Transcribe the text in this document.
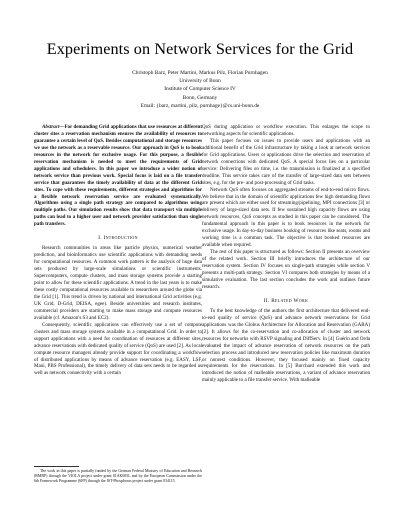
Experiments on Network Services for the Grid
Christoph Barz, Peter Martini, Markus Pilz, Florian Purnhagen
University of Bonn
Institute of Computer Science IV
Bonn, Germany
Email: {barz, martini, pilz, purnhage}@cs.uni-bonn.de

Abstract—For demanding Grid applications that use resources at different cluster sites a reservation mechanism ensures the availability of resources to guarantee a certain level of QoS. Besides computational and storage resources we use the network as a reservable resource. Our approach in QoS is to book resources in the network for exclusive usage. For this purpose, a flexible reservation mechanism is needed to meet the requirements of Grid applications and schedulers. In this paper we introduce a wider notion of network service than previous work. Special focus is laid on a file transfer service that guarantees the timely availability of data at the different Grid sites. To cope with these requirements, different strategies and algorithms for a flexible network reservation service are evaluated systematically. Algorithms using a single path strategy are compared to algorithms using multiple paths. Our simulation results show that data transport via multiple paths can lead to a higher user and network provider satisfaction than single path transfers.

I. Introduction

Research communities in areas like particle physics, numerical weather prediction, and bioinformatics use scientific applications with demanding needs for computational resources. A common work pattern is the analysis of huge data sets produced by large-scale simulations or scientific instruments. Supercomputers, compute clusters, and mass storage systems provide a starting point to allow for these scientific applications. A trend in the last years is to make these costly computational resources available to researchers around the globe via the Grid [1]. This trend is driven by national and international Grid activities (e.g. UK Grid, D-Grid, DEISA, egee). Beside universities and research institutes, commercial providers are starting to make mass storage and compute resources available (cf. Amazon's S3 and EC2).

Consequently, scientific applications can effectively use a set of compute clusters and mass storage systems available in a computational Grid. In order to support applications with a need for coordination of resources at different sites, advance reservations with dedicated quality of service (QoS) are used [2]. As local compute resource managers already provide support for coordinating a workflow of distributed applications by means of advance reservation (e.g. EASY, LSF, Maui, PBS Professional), the timely delivery of data sets needs to be regarded as well as network connectivity with a certain

QoS during application or workflow execution. This enlarges the scope to networking aspects for scientific applications.

This paper focuses on issues to provide users and applications with an additional benefit of the Grid infrastructure by taking a look at network services for Grid applications. Users or applications drive the selection and reservation of network connections with dedicated QoS. A special focus lies on a particular service: Delivering files on time, i.e. the transmission is finalized at a specified deadline. This service takes care of the transfer of large-sized data sets between sites, e.g. for the pre- and post-processing of Grid tasks.

Network QoS often focuses on aggregated streams of end-to-end micro flows. We believe that in the domain of scientific applications few high demanding flows are present which are either used for streaming/pipelining, MPI connections [3] or delivery of large-sized data sets. If few sustained high capacity flows are using network resources, QoS concepts as studied in this paper can be considered. The fundamental approach in this paper is to book resources in the network for exclusive usage. In day-to-day business booking of resources like seats, rooms and working time is a common task. The objective is that booked resources are available when required.

The rest of this paper is structured as follows: Section II presents an overview of the related work. Section III briefly introduces the architecture of our reservation system. Section IV focuses on single-path strategies while section V presents a multi-path strategy. Section VI compares both strategies by means of a simulative evaluation. The last section concludes the work and outlines future research.

II. Related Work

To the best knowledge of the authors the first architecture that delivered end-to-end quality of service (QoS) and advance network reservations for Grid applications was the Globus Architecture for Allocation and Reservation (GARA) [2]. It allows for the co-reservation and co-allocation of cluster and network resources for networks with RSVP signaling and DiffServ. In [4] Guérin and Orda evaluated the impact of advance reservation of network resources on the path selection process and introduced new reservation policies like maximum duration or nonrest conditions. However, they focused mainly on fixed capacity requirements for the reservations. In [5] Burchard extended this work and introduced the notion of malleable reservations, a variant of advance reservation mainly applicable to a file transfer service. With malleable

The work in this paper is partially funded by the German Federal Ministry of Education and Research (BMBF) through the VIOLA project under grant 01AK605L and by the European Commission under the 6th Framework Programme (6FP) through the IST-Phosphorus project under grant 034115.
